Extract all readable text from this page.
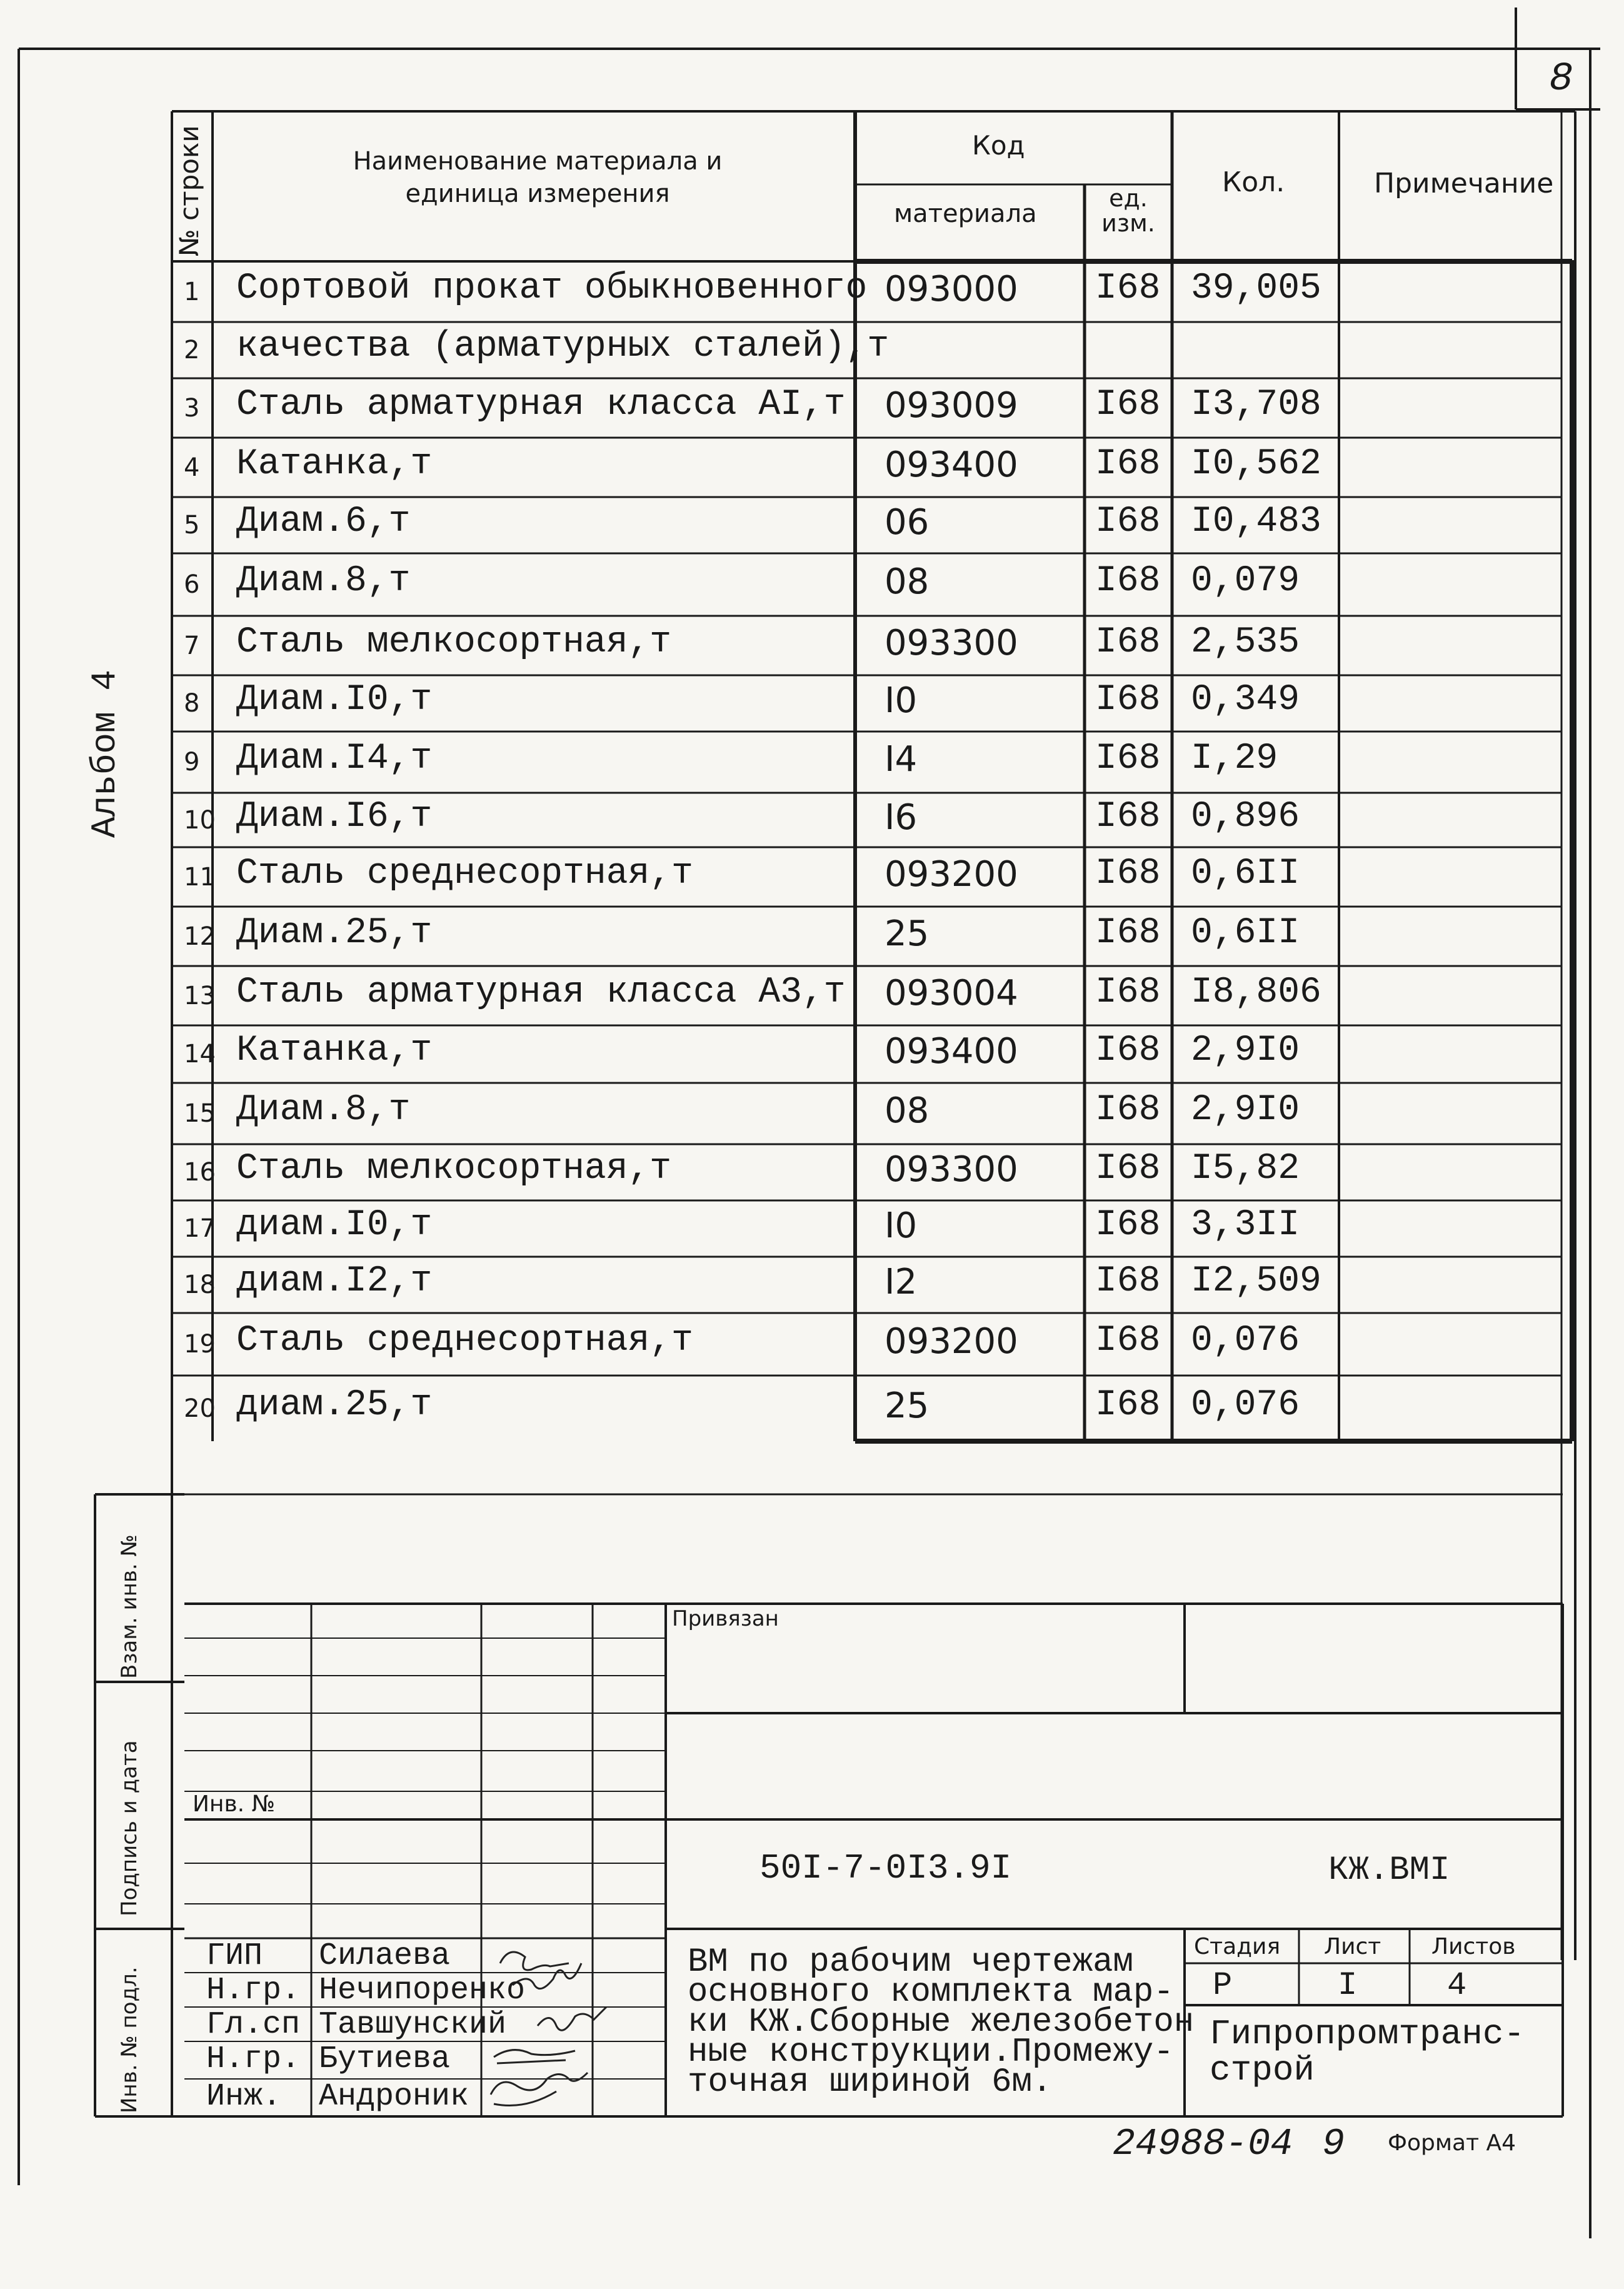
8
Альбом 4
№ строки	Наименование материала и единица измерения
Код
материала
ед. изм.
Кол.	Примечание
1 Сортовой прокат обыкновенного 093000 I68 39,005
2 качества (арматурных сталей),т
3 Сталь арматурная класса AI,т 093009 I68 I3,708
4 Катанка,т	093400 I68 I0,562
5 Диам.6,т	06	I68 I0,483
6 Диам.8,т	08	I68 0,079
7 Сталь мелкосортная,т	093300 I68 2,535
8 Диам.I0,т	I0	I68 0,349
9 Диам.I4,т	I4	I68 I,29
10 Диам.I6,т	I6	I68 0,896
11 Сталь среднесортная,т	093200 I68 0,6II
12 Диам.25,т	25	I68 0,6II
13 Сталь арматурная класса А3,т 093004 I68 I8,806
14 Катанка,т	093400 I68 2,9I0
15 Диам.8,т	08	I68 2,9I0
16 Сталь мелкосортная,т	093300 I68 I5,82
17 диам.I0,т	I0	I68 3,3II
18 диам.I2,т	I2	I68 I2,509
19 Сталь среднесортная,т	093200 I68 0,076
20 диам.25,т	25	I68 0,076
Взам. инв. №
Подпись и дата
Инв. № подл.
Привязан
Инв. №
50I-7-0I3.9I	КЖ.ВМI
ГИП Силаева
Н.гр. Нечипоренко
Гл.сп Тавшунский
Н.гр. Бутиева
Инж. Андроник
ВМ по рабочим чертежам
основного комплекта мар-
ки КЖ.Сборные железобетон
ные конструкции.Промежу-
точная шириной 6м.
Стадия Лист Листов
Р	I	4
Гипропромтранс-
строй
24988-04 9 Формат А4
